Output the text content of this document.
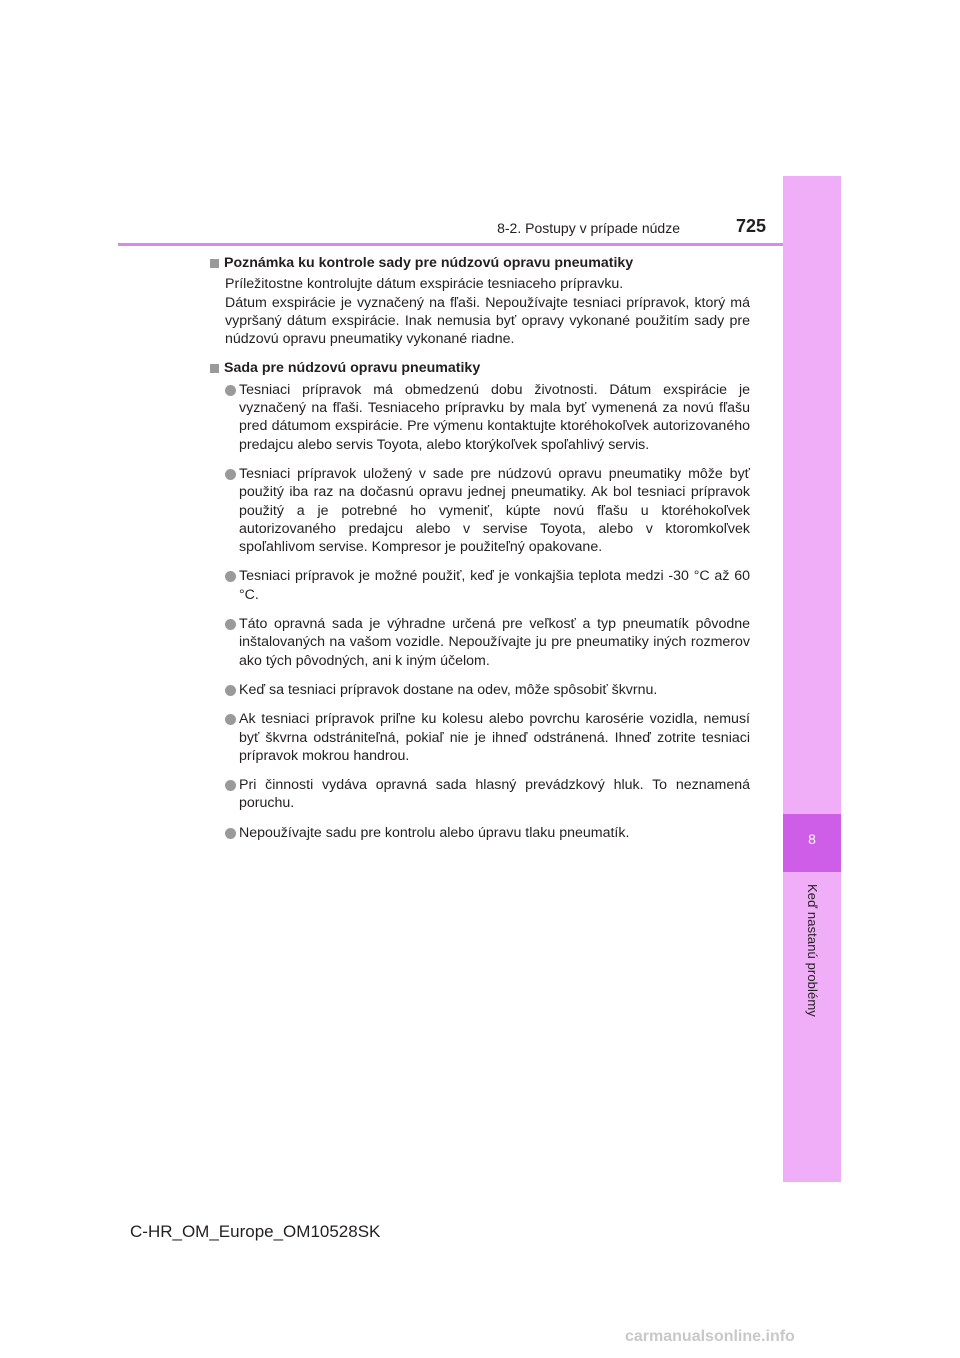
8
Keď nastanú problémy
8-2. Postupy v prípade núdze	725
Poznámka ku kontrole sady pre núdzovú opravu pneumatiky
Príležitostne kontrolujte dátum exspirácie tesniaceho prípravku.
Dátum exspirácie je vyznačený na fľaši. Nepoužívajte tesniaci prípravok, ktorý má vypršaný dátum exspirácie. Inak nemusia byť opravy vykonané použitím sady pre núdzovú opravu pneumatiky vykonané riadne.
Sada pre núdzovú opravu pneumatiky
Tesniaci prípravok má obmedzenú dobu životnosti. Dátum exspirácie je vyznačený na fľaši. Tesniaceho prípravku by mala byť vymenená za novú fľašu pred dátumom exspirácie. Pre výmenu kontaktujte ktoréhokoľvek autorizovaného predajcu alebo servis Toyota, alebo ktorýkoľvek spoľahlivý servis.
Tesniaci prípravok uložený v sade pre núdzovú opravu pneumatiky môže byť použitý iba raz na dočasnú opravu jednej pneumatiky. Ak bol tesniaci prípravok použitý a je potrebné ho vymeniť, kúpte novú fľašu u ktoréhokoľvek autorizovaného predajcu alebo v servise Toyota, alebo v ktoromkoľvek spoľahlivom servise. Kompresor je použiteľný opakovane.
Tesniaci prípravok je možné použiť, keď je vonkajšia teplota medzi -30 °C až 60 °C.
Táto opravná sada je výhradne určená pre veľkosť a typ pneumatík pôvodne inštalovaných na vašom vozidle. Nepoužívajte ju pre pneumatiky iných rozmerov ako tých pôvodných, ani k iným účelom.
Keď sa tesniaci prípravok dostane na odev, môže spôsobiť škvrnu.
Ak tesniaci prípravok priľne ku kolesu alebo povrchu karosérie vozidla, nemusí byť škvrna odstrániteľná, pokiaľ nie je ihneď odstránená. Ihneď zotrite tesniaci prípravok mokrou handrou.
Pri činnosti vydáva opravná sada hlasný prevádzkový hluk. To neznamená poruchu.
Nepoužívajte sadu pre kontrolu alebo úpravu tlaku pneumatík.
C-HR_OM_Europe_OM10528SK
carmanualsonline.info
